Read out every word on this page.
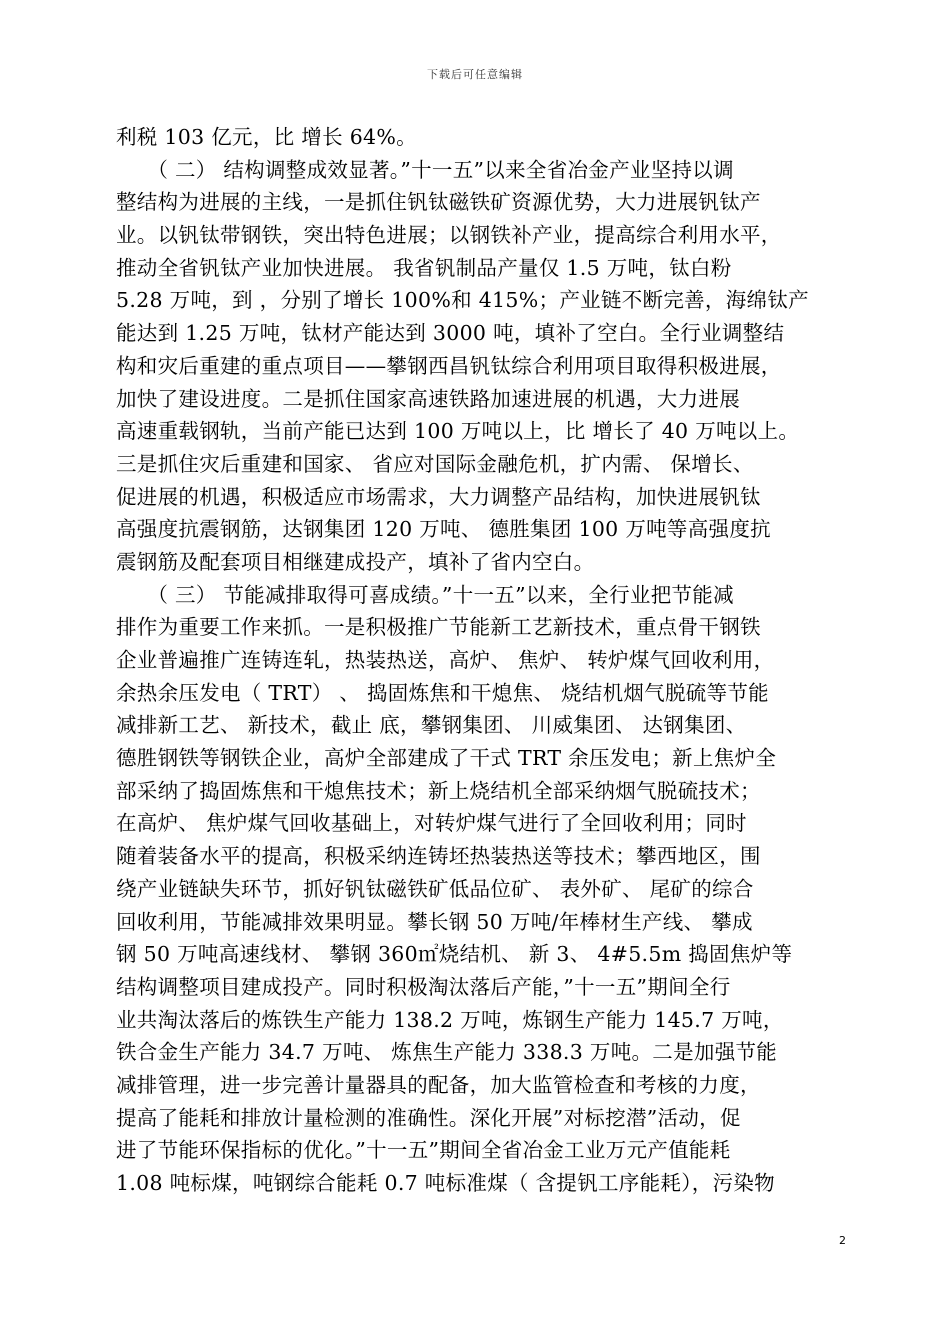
下载后可任意编辑
利税 103 亿元，比 增长 64%。
　　（ 二） 结构调整成效显著。”十一五”以来全省冶金产业坚持以调
整结构为进展的主线，一是抓住钒钛磁铁矿资源优势，大力进展钒钛产
业。以钒钛带钢铁，突出特色进展；以钢铁补产业，提高综合利用水平，
推动全省钒钛产业加快进展。 我省钒制品产量仅 1.5 万吨，钛白粉
5.28 万吨，到 ，分别了增长 100%和 415%；产业链不断完善，海绵钛产
能达到 1.25 万吨，钛材产能达到 3000 吨，填补了空白。全行业调整结
构和灾后重建的重点项目——攀钢西昌钒钛综合利用项目取得积极进展，
加快了建设进度。二是抓住国家高速铁路加速进展的机遇，大力进展
高速重载钢轨，当前产能已达到 100 万吨以上，比 增长了 40 万吨以上。
三是抓住灾后重建和国家、 省应对国际金融危机，扩内需、 保增长、
促进展的机遇，积极适应市场需求，大力调整产品结构，加快进展钒钛
高强度抗震钢筋，达钢集团 120 万吨、 德胜集团 100 万吨等高强度抗
震钢筋及配套项目相继建成投产，填补了省内空白。
　　（ 三） 节能减排取得可喜成绩。”十一五”以来，全行业把节能减
排作为重要工作来抓。一是积极推广节能新工艺新技术，重点骨干钢铁
企业普遍推广连铸连轧，热装热送，高炉、 焦炉、 转炉煤气回收利用，
余热余压发电（ TRT） 、 捣固炼焦和干熄焦、 烧结机烟气脱硫等节能
减排新工艺、 新技术，截止 底，攀钢集团、 川威集团、 达钢集团、
德胜钢铁等钢铁企业，高炉全部建成了干式 TRT 余压发电；新上焦炉全
部采纳了捣固炼焦和干熄焦技术；新上烧结机全部采纳烟气脱硫技术；
在高炉、 焦炉煤气回收基础上，对转炉煤气进行了全回收利用；同时
随着装备水平的提高，积极采纳连铸坯热装热送等技术；攀西地区，围
绕产业链缺失环节，抓好钒钛磁铁矿低品位矿、 表外矿、 尾矿的综合
回收利用，节能减排效果明显。攀长钢 50 万吨/年棒材生产线、 攀成
钢 50 万吨高速线材、 攀钢 360㎡烧结机、 新 3、 4#5.5m 捣固焦炉等
结构调整项目建成投产。同时积极淘汰落后产能，”十一五”期间全行
业共淘汰落后的炼铁生产能力 138.2 万吨，炼钢生产能力 145.7 万吨，
铁合金生产能力 34.7 万吨、 炼焦生产能力 338.3 万吨。二是加强节能
减排管理，进一步完善计量器具的配备，加大监管检查和考核的力度，
提高了能耗和排放计量检测的准确性。深化开展”对标挖潜”活动，促
进了节能环保指标的优化。”十一五”期间全省冶金工业万元产值能耗
1.08 吨标煤，吨钢综合能耗 0.7 吨标准煤（ 含提钒工序能耗），污染物
2
